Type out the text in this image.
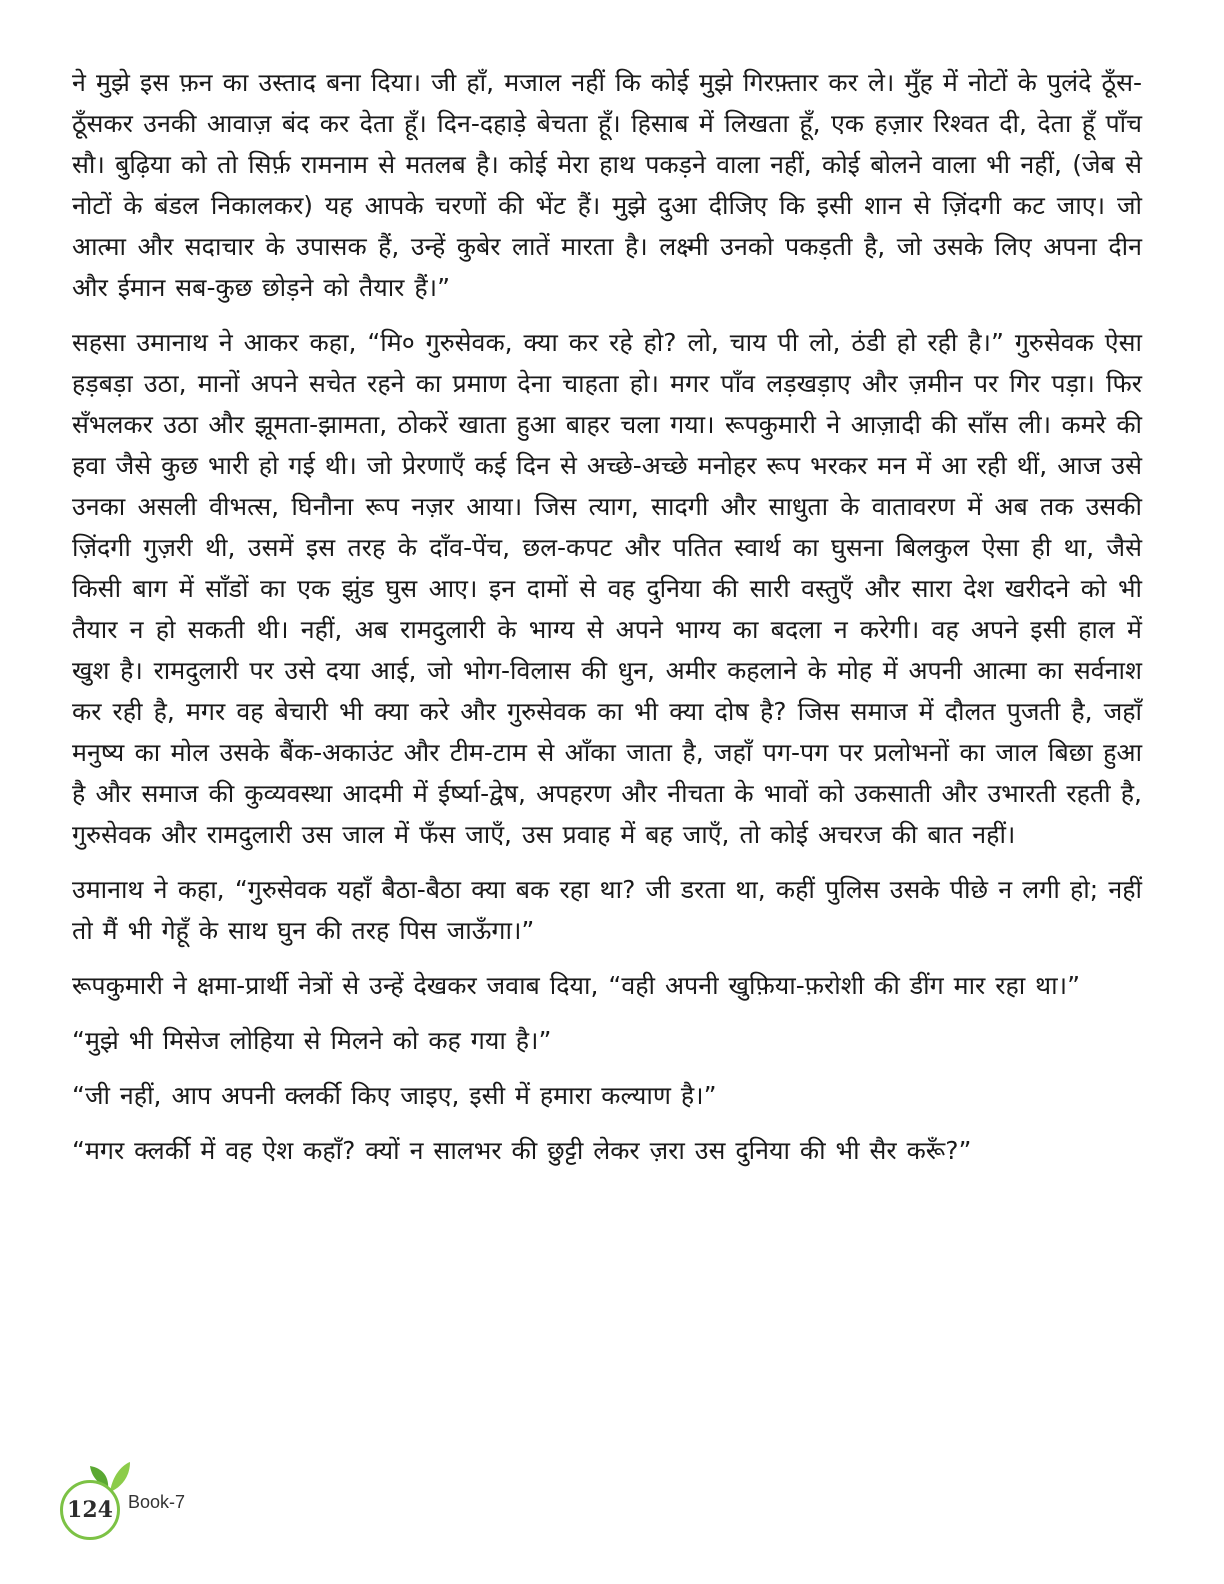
ने मुझे इस फ़न का उस्ताद बना दिया। जी हाँ, मजाल नहीं कि कोई मुझे गिरफ़्तार कर ले। मुँह में नोटों के पुलंदे ठूँस-ठूँसकर उनकी आवाज़ बंद कर देता हूँ। दिन-दहाड़े बेचता हूँ। हिसाब में लिखता हूँ, एक हज़ार रिश्वत दी, देता हूँ पाँच सौ। बुढ़िया को तो सिर्फ़ रामनाम से मतलब है। कोई मेरा हाथ पकड़ने वाला नहीं, कोई बोलने वाला भी नहीं, (जेब से नोटों के बंडल निकालकर) यह आपके चरणों की भेंट हैं। मुझे दुआ दीजिए कि इसी शान से ज़िंदगी कट जाए। जो आत्मा और सदाचार के उपासक हैं, उन्हें कुबेर लातें मारता है। लक्ष्मी उनको पकड़ती है, जो उसके लिए अपना दीन और ईमान सब-कुछ छोड़ने को तैयार हैं।”

सहसा उमानाथ ने आकर कहा, “मि० गुरुसेवक, क्या कर रहे हो? लो, चाय पी लो, ठंडी हो रही है।” गुरुसेवक ऐसा हड़बड़ा उठा, मानों अपने सचेत रहने का प्रमाण देना चाहता हो। मगर पाँव लड़खड़ाए और ज़मीन पर गिर पड़ा। फिर सँभलकर उठा और झूमता-झामता, ठोकरें खाता हुआ बाहर चला गया। रूपकुमारी ने आज़ादी की साँस ली। कमरे की हवा जैसे कुछ भारी हो गई थी। जो प्रेरणाएँ कई दिन से अच्छे-अच्छे मनोहर रूप भरकर मन में आ रही थीं, आज उसे उनका असली वीभत्स, घिनौना रूप नज़र आया। जिस त्याग, सादगी और साधुता के वातावरण में अब तक उसकी ज़िंदगी गुज़री थी, उसमें इस तरह के दाँव-पेंच, छल-कपट और पतित स्वार्थ का घुसना बिलकुल ऐसा ही था, जैसे किसी बाग में साँडों का एक झुंड घुस आए। इन दामों से वह दुनिया की सारी वस्तुएँ और सारा देश खरीदने को भी तैयार न हो सकती थी। नहीं, अब रामदुलारी के भाग्य से अपने भाग्य का बदला न करेगी। वह अपने इसी हाल में खुश है। रामदुलारी पर उसे दया आई, जो भोग-विलास की धुन, अमीर कहलाने के मोह में अपनी आत्मा का सर्वनाश कर रही है, मगर वह बेचारी भी क्या करे और गुरुसेवक का भी क्या दोष है? जिस समाज में दौलत पुजती है, जहाँ मनुष्य का मोल उसके बैंक-अकाउंट और टीम-टाम से आँका जाता है, जहाँ पग-पग पर प्रलोभनों का जाल बिछा हुआ है और समाज की कुव्यवस्था आदमी में ईर्ष्या-द्वेष, अपहरण और नीचता के भावों को उकसाती और उभारती रहती है, गुरुसेवक और रामदुलारी उस जाल में फँस जाएँ, उस प्रवाह में बह जाएँ, तो कोई अचरज की बात नहीं।

उमानाथ ने कहा, “गुरुसेवक यहाँ बैठा-बैठा क्या बक रहा था? जी डरता था, कहीं पुलिस उसके पीछे न लगी हो; नहीं तो मैं भी गेहूँ के साथ घुन की तरह पिस जाऊँगा।”

रूपकुमारी ने क्षमा-प्रार्थी नेत्रों से उन्हें देखकर जवाब दिया, “वही अपनी खुफ़िया-फ़रोशी की डींग मार रहा था।”

“मुझे भी मिसेज लोहिया से मिलने को कह गया है।”

“जी नहीं, आप अपनी क्लर्की किए जाइए, इसी में हमारा कल्याण है।”

“मगर क्लर्की में वह ऐश कहाँ? क्यों न सालभर की छुट्टी लेकर ज़रा उस दुनिया की भी सैर करूँ?”

124 Book-7
